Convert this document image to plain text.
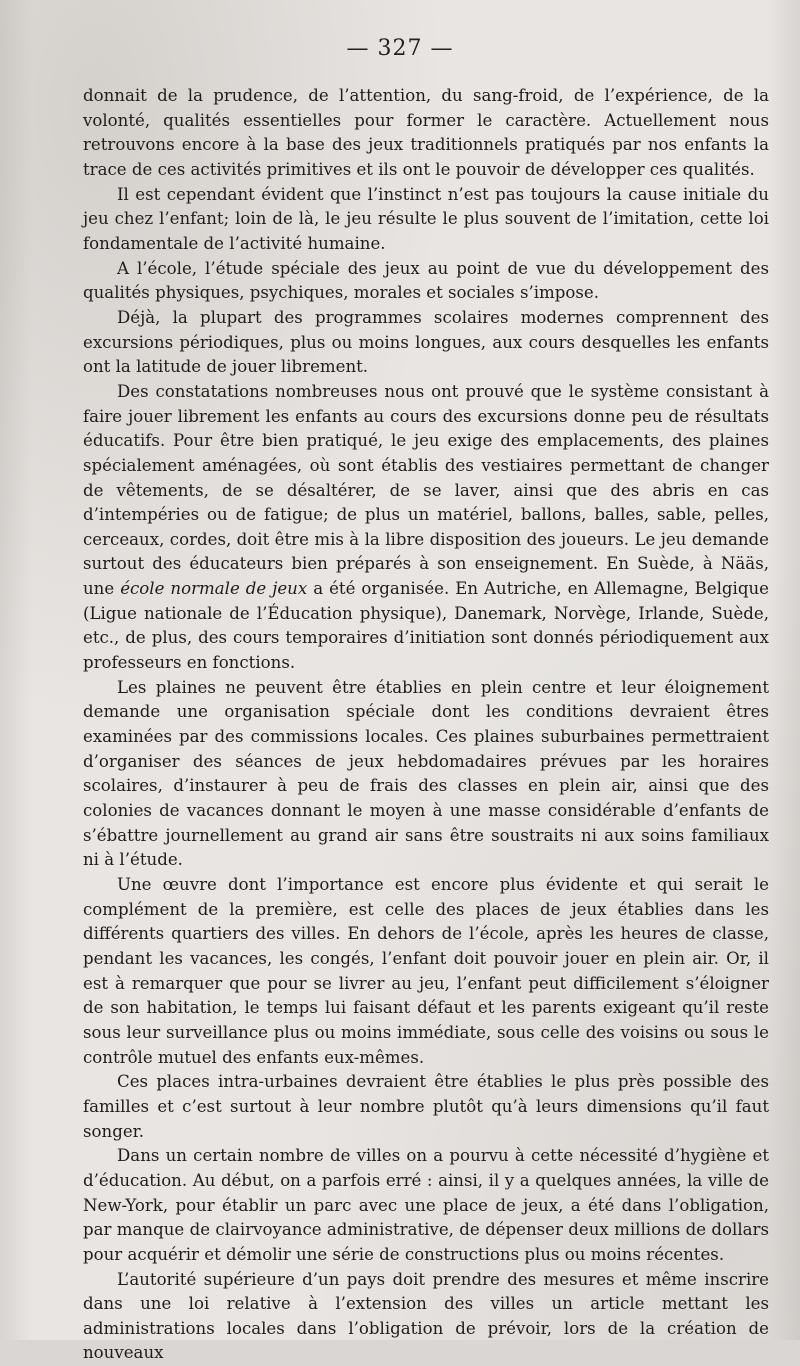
— 327 —

donnait de la prudence, de l’attention, du sang-froid, de l’expérience, de la volonté, qualités essentielles pour former le caractère. Actuellement nous retrouvons encore à la base des jeux traditionnels pratiqués par nos enfants la trace de ces activités primitives et ils ont le pouvoir de développer ces qualités.

Il est cependant évident que l’instinct n’est pas toujours la cause initiale du jeu chez l’enfant; loin de là, le jeu résulte le plus souvent de l’imitation, cette loi fondamentale de l’activité humaine.

A l’école, l’étude spéciale des jeux au point de vue du développement des qualités physiques, psychiques, morales et sociales s’impose.

Déjà, la plupart des programmes scolaires modernes comprennent des excursions périodiques, plus ou moins longues, aux cours desquelles les enfants ont la latitude de jouer librement.

Des constatations nombreuses nous ont prouvé que le système consistant à faire jouer librement les enfants au cours des excursions donne peu de résultats éducatifs. Pour être bien pratiqué, le jeu exige des emplacements, des plaines spécialement aménagées, où sont établis des vestiaires permettant de changer de vêtements, de se désaltérer, de se laver, ainsi que des abris en cas d’intempéries ou de fatigue; de plus un matériel, ballons, balles, sable, pelles, cerceaux, cordes, doit être mis à la libre disposition des joueurs. Le jeu demande surtout des éducateurs bien préparés à son enseignement. En Suède, à Nääs, une école normale de jeux a été organisée. En Autriche, en Allemagne, Belgique (Ligue nationale de l’Éducation physique), Danemark, Norvège, Irlande, Suède, etc., de plus, des cours temporaires d’initiation sont donnés périodiquement aux professeurs en fonctions.

Les plaines ne peuvent être établies en plein centre et leur éloignement demande une organisation spéciale dont les conditions devraient êtres examinées par des commissions locales. Ces plaines suburbaines permettraient d’organiser des séances de jeux hebdomadaires prévues par les horaires scolaires, d’instaurer à peu de frais des classes en plein air, ainsi que des colonies de vacances donnant le moyen à une masse considérable d’enfants de s’ébattre journellement au grand air sans être soustraits ni aux soins familiaux ni à l’étude.

Une œuvre dont l’importance est encore plus évidente et qui serait le complément de la première, est celle des places de jeux établies dans les différents quartiers des villes. En dehors de l’école, après les heures de classe, pendant les vacances, les congés, l’enfant doit pouvoir jouer en plein air. Or, il est à remarquer que pour se livrer au jeu, l’enfant peut difficilement s’éloigner de son habitation, le temps lui faisant défaut et les parents exigeant qu’il reste sous leur surveillance plus ou moins immédiate, sous celle des voisins ou sous le contrôle mutuel des enfants eux-mêmes.

Ces places intra-urbaines devraient être établies le plus près possible des familles et c’est surtout à leur nombre plutôt qu’à leurs dimensions qu’il faut songer.

Dans un certain nombre de villes on a pourvu à cette nécessité d’hygiène et d’éducation. Au début, on a parfois erré : ainsi, il y a quelques années, la ville de New-York, pour établir un parc avec une place de jeux, a été dans l’obligation, par manque de clairvoyance administrative, de dépenser deux millions de dollars pour acquérir et démolir une série de constructions plus ou moins récentes.

L’autorité supérieure d’un pays doit prendre des mesures et même inscrire dans une loi relative à l’extension des villes un article mettant les administrations locales dans l’obligation de prévoir, lors de la création de nouveaux
